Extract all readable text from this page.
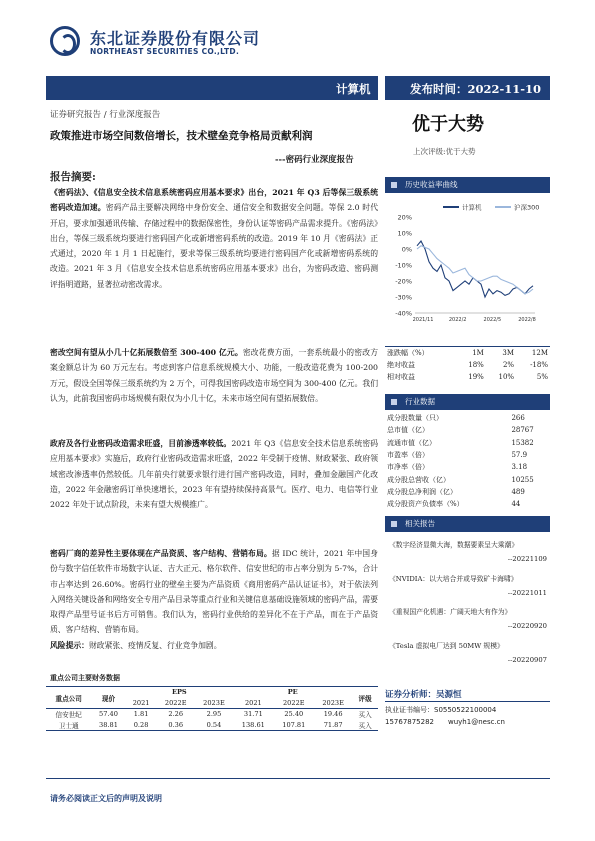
东北证券股份有限公司
NORTHEAST SECURITIES CO.,LTD.
计算机	发布时间：2022-11-10
证券研究报告 / 行业深度报告
政策推进市场空间数倍增长，技术壁垒竞争格局贡献利润
---密码行业深度报告
优于大势
上次评级:优于大势
报告摘要:
《密码法》、《信息安全技术信息系统密码应用基本要求》出台，2021 年 Q3 后等保三级系统密码改造加速。密码产品主要解决网络中身份安全、通信安全和数据安全问题。等保 2.0 时代开启，要求加强通讯传输、存储过程中的数据保密性，身份认证等密码产品需求提升。《密码法》出台，等保三级系统均要进行密码国产化或新增密码系统的改造。2019 年 10 月《密码法》正式通过，2020 年 1 月 1 日起施行，要求等保三级系统均要进行密码国产化或新增密码系统的改造。2021 年 3 月《信息安全技术信息系统密码应用基本要求》出台，为密码改造、密码测评指明道路，显著拉动密改需求。
密改空间有望从小几十亿拓展数倍至 300-400 亿元。密改花费方面，一套系统最小的密改方案金额总计为 60 万元左右。考虑到客户信息系统规模大小、功能，一般改造花费为 100-200 万元，假设全国等保三级系统约为 2 万个，可得我国密码改造市场空间为 300-400 亿元。我们认为，此前我国密码市场规模有限仅为小几十亿，未来市场空间有望拓展数倍。
政府及各行业密码改造需求旺盛，目前渗透率较低。2021 年 Q3《信息安全技术信息系统密码应用基本要求》实施后，政府行业密码改造需求旺盛，2022 年受制于疫情、财政紧张、政府领域密改渗透率仍然较低。几年前央行就要求银行进行国产密码改造，同时，叠加金融国产化改造，2022 年金融密码订单快速增长，2023 年有望持续保持高景气。医疗、电力、电信等行业 2022 年处于试点阶段，未来有望大规模推广。
密码厂商的差异性主要体现在产品资质、客户结构、营销布局。据 IDC 统计，2021 年中国身份与数字信任软件市场数字认证、吉大正元、格尔软件、信安世纪的市占率分别为 5-7%，合计市占率达到 26.60%。密码行业的壁垒主要为产品资质《商用密码产品认证证书》，对于依法列入网络关键设备和网络安全专用产品目录等重点行业和关键信息基础设施领域的密码产品，需要取得产品型号证书后方可销售。我们认为，密码行业供给的差异化不在于产品，而在于产品资质、客户结构、营销布局。
风险提示：财政紧张、疫情反复、行业竞争加剧。
重点公司主要财务数据
重点公司	现价	EPS			PE			评级
		2021	2022E	2023E	2021	2022E	2023E	
信安世纪	57.40	1.81	2.26	2.95	31.71	25.40	19.46	买入
卫士通	38.81	0.28	0.36	0.54	138.61	107.81	71.87	买入
历史收益率曲线
20%
10%
0%
-10%
-20%
-30%
-40%
2021/11	2022/2	2022/5	2022/8
计算机	沪深300
涨跌幅（%）	1M	3M	12M
绝对收益	18%	2%	-18%
相对收益	19%	10%	5%
行业数据
成分股数量（只）	266
总市值（亿）	28767
流通市值（亿）	15382
市盈率（倍）	57.9
市净率（倍）	3.18
成分股总营收（亿）	10255
成分股总净利润（亿）	489
成分股资产负债率（%）	44
相关报告
《数字经济显微大海，数据要素呈大乘潮》
--20221109
《NVIDIA：以大培合并或导致矿卡海啸》
--20221011
《重视国产化机遇：广阔天地大有作为》
--20220920
《Tesla 虚拟电厂达到 50MW 规模》
--20220907
证券分析师：吴源恒
执业证书编号：S0550522100004
15767875282 wuyh1@nesc.cn
请务必阅读正文后的声明及说明
